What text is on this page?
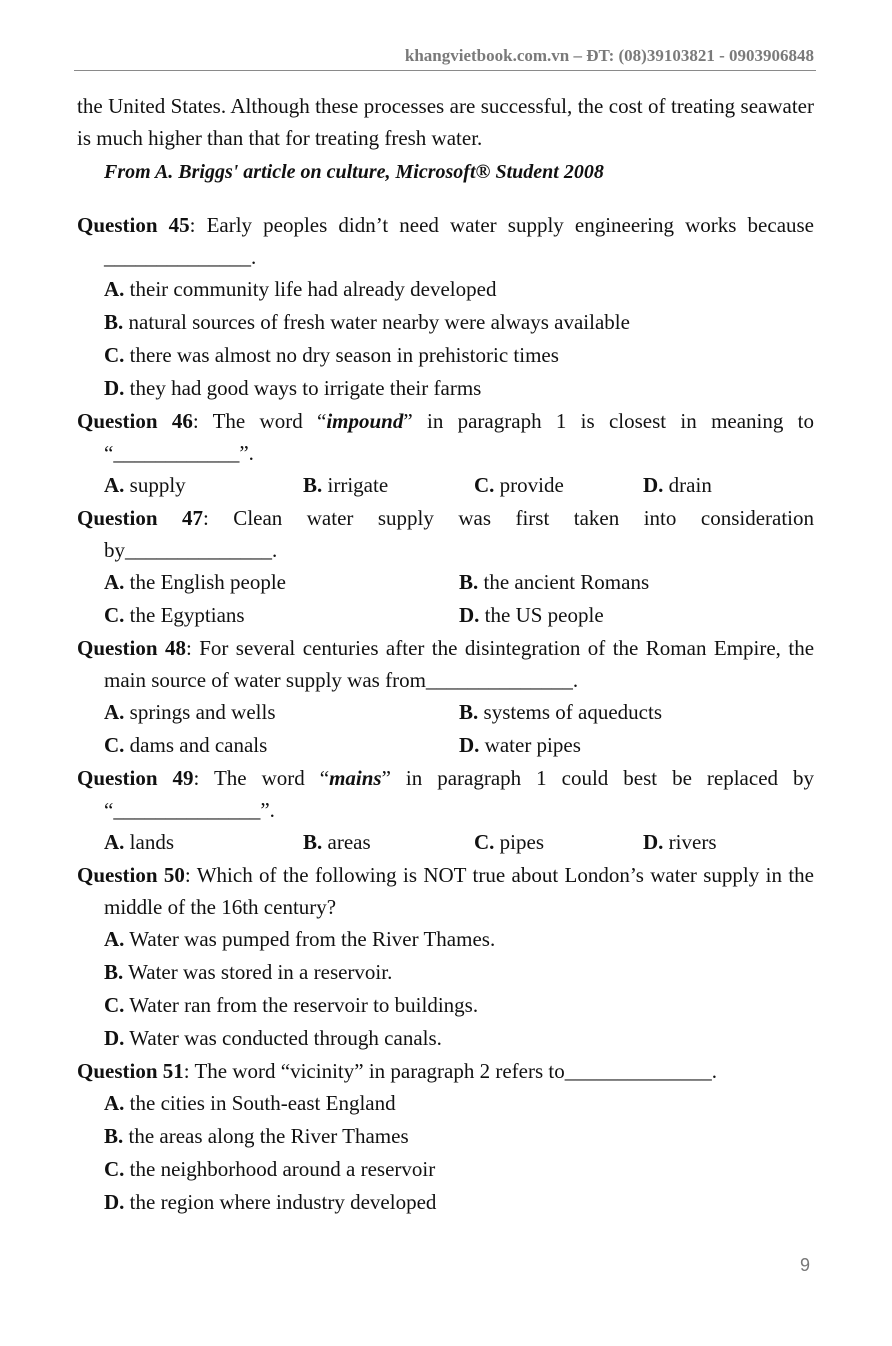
khangvietbook.com.vn – ĐT: (08)39103821 - 0903906848

the United States. Although these processes are successful, the cost of treating seawater is much higher than that for treating fresh water.

From A. Briggs' article on culture, Microsoft® Student 2008

Question 45: Early peoples didn’t need water supply engineering works because ______________.

A. their community life had already developed
B. natural sources of fresh water nearby were always available
C. there was almost no dry season in prehistoric times
D. they had good ways to irrigate their farms

Question 46: The word “impound” in paragraph 1 is closest in meaning to “____________”.

A. supply	B. irrigate	C. provide	D. drain

Question 47: Clean water supply was first taken into consideration by______________.

A. the English people	B. the ancient Romans
C. the Egyptians	D. the US people

Question 48: For several centuries after the disintegration of the Roman Empire, the main source of water supply was from______________.

A. springs and wells	B. systems of aqueducts
C. dams and canals	D. water pipes

Question 49: The word “mains” in paragraph 1 could best be replaced by “______________”.

A. lands	B. areas	C. pipes	D. rivers

Question 50: Which of the following is NOT true about London’s water supply in the middle of the 16th century?

A. Water was pumped from the River Thames.
B. Water was stored in a reservoir.
C. Water ran from the reservoir to buildings.
D. Water was conducted through canals.

Question 51: The word “vicinity” in paragraph 2 refers to______________.

A. the cities in South-east England
B. the areas along the River Thames
C. the neighborhood around a reservoir
D. the region where industry developed
9
